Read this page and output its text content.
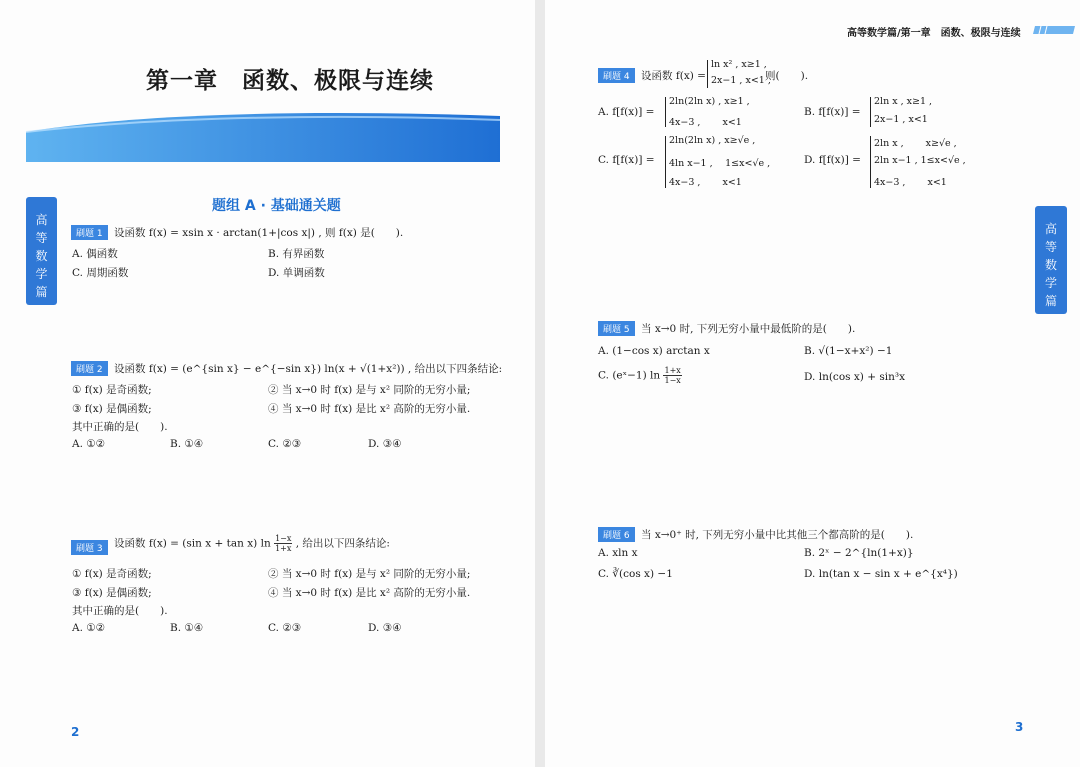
第一章　函数、极限与连续
高
等
数
学
篇
题组 A · 基础通关题
刷题 1	设函数 f(x) = xsin x · arctan(1+|cos x|) , 则 f(x) 是(　　).
A. 偶函数	B. 有界函数
C. 周期函数	D. 单调函数
刷题 2	设函数 f(x) = (e^{sin x} − e^{−sin x}) ln(x + √(1+x²)) , 给出以下四条结论:
① f(x) 是奇函数;	② 当 x→0 时 f(x) 是与 x² 同阶的无穷小量;
③ f(x) 是偶函数;	④ 当 x→0 时 f(x) 是比 x² 高阶的无穷小量.
其中正确的是(　　).
A. ①②	B. ①④	C. ②③	D. ③④
刷题 3	设函数 f(x) = (sin x + tan x) $\ln \frac{1-x}{1+x}$ , 给出以下四条结论:
① f(x) 是奇函数;	② 当 x→0 时 f(x) 是与 x² 同阶的无穷小量;
③ f(x) 是偶函数;	④ 当 x→0 时 f(x) 是比 x² 高阶的无穷小量.
其中正确的是(　　).
A. ①②	B. ①④	C. ②③	D. ③④
2
高等数学篇/第一章　函数、极限与连续
高
等
数
学
篇
刷题 4	设函数 f(x) =
ln x² , x≥1 ,
2x−1 , x<1 ,
则(　　).
A. f[f(x)] =
2ln(2ln x) , x≥1 ,
4x−3 ,　　 x<1
B. f[f(x)] =
2ln x , x≥1 ,
2x−1 , x<1
C. f[f(x)] =
2ln(2ln x) , x≥√e ,
4ln x−1 ,　 1≤x<√e ,
4x−3 ,　　 x<1
D. f[f(x)] =
2ln x ,　　 x≥√e ,
2ln x−1 , 1≤x<√e ,
4x−3 ,　　 x<1
刷题 5	当 x→0 时, 下列无穷小量中最低阶的是(　　).
A. (1−cos x) arctan x	B. √(1−x+x²) −1
C. (eˣ−1) $\ln \frac{1+x}{1-x}$	D. ln(cos x) + sin³x
刷题 6	当 x→0⁺ 时, 下列无穷小量中比其他三个都高阶的是(　　).
A. xln x	B. 2ˣ − 2^{ln(1+x)}
C. ∛(cos x) −1	D. ln(tan x − sin x + e^{x⁴})
3
